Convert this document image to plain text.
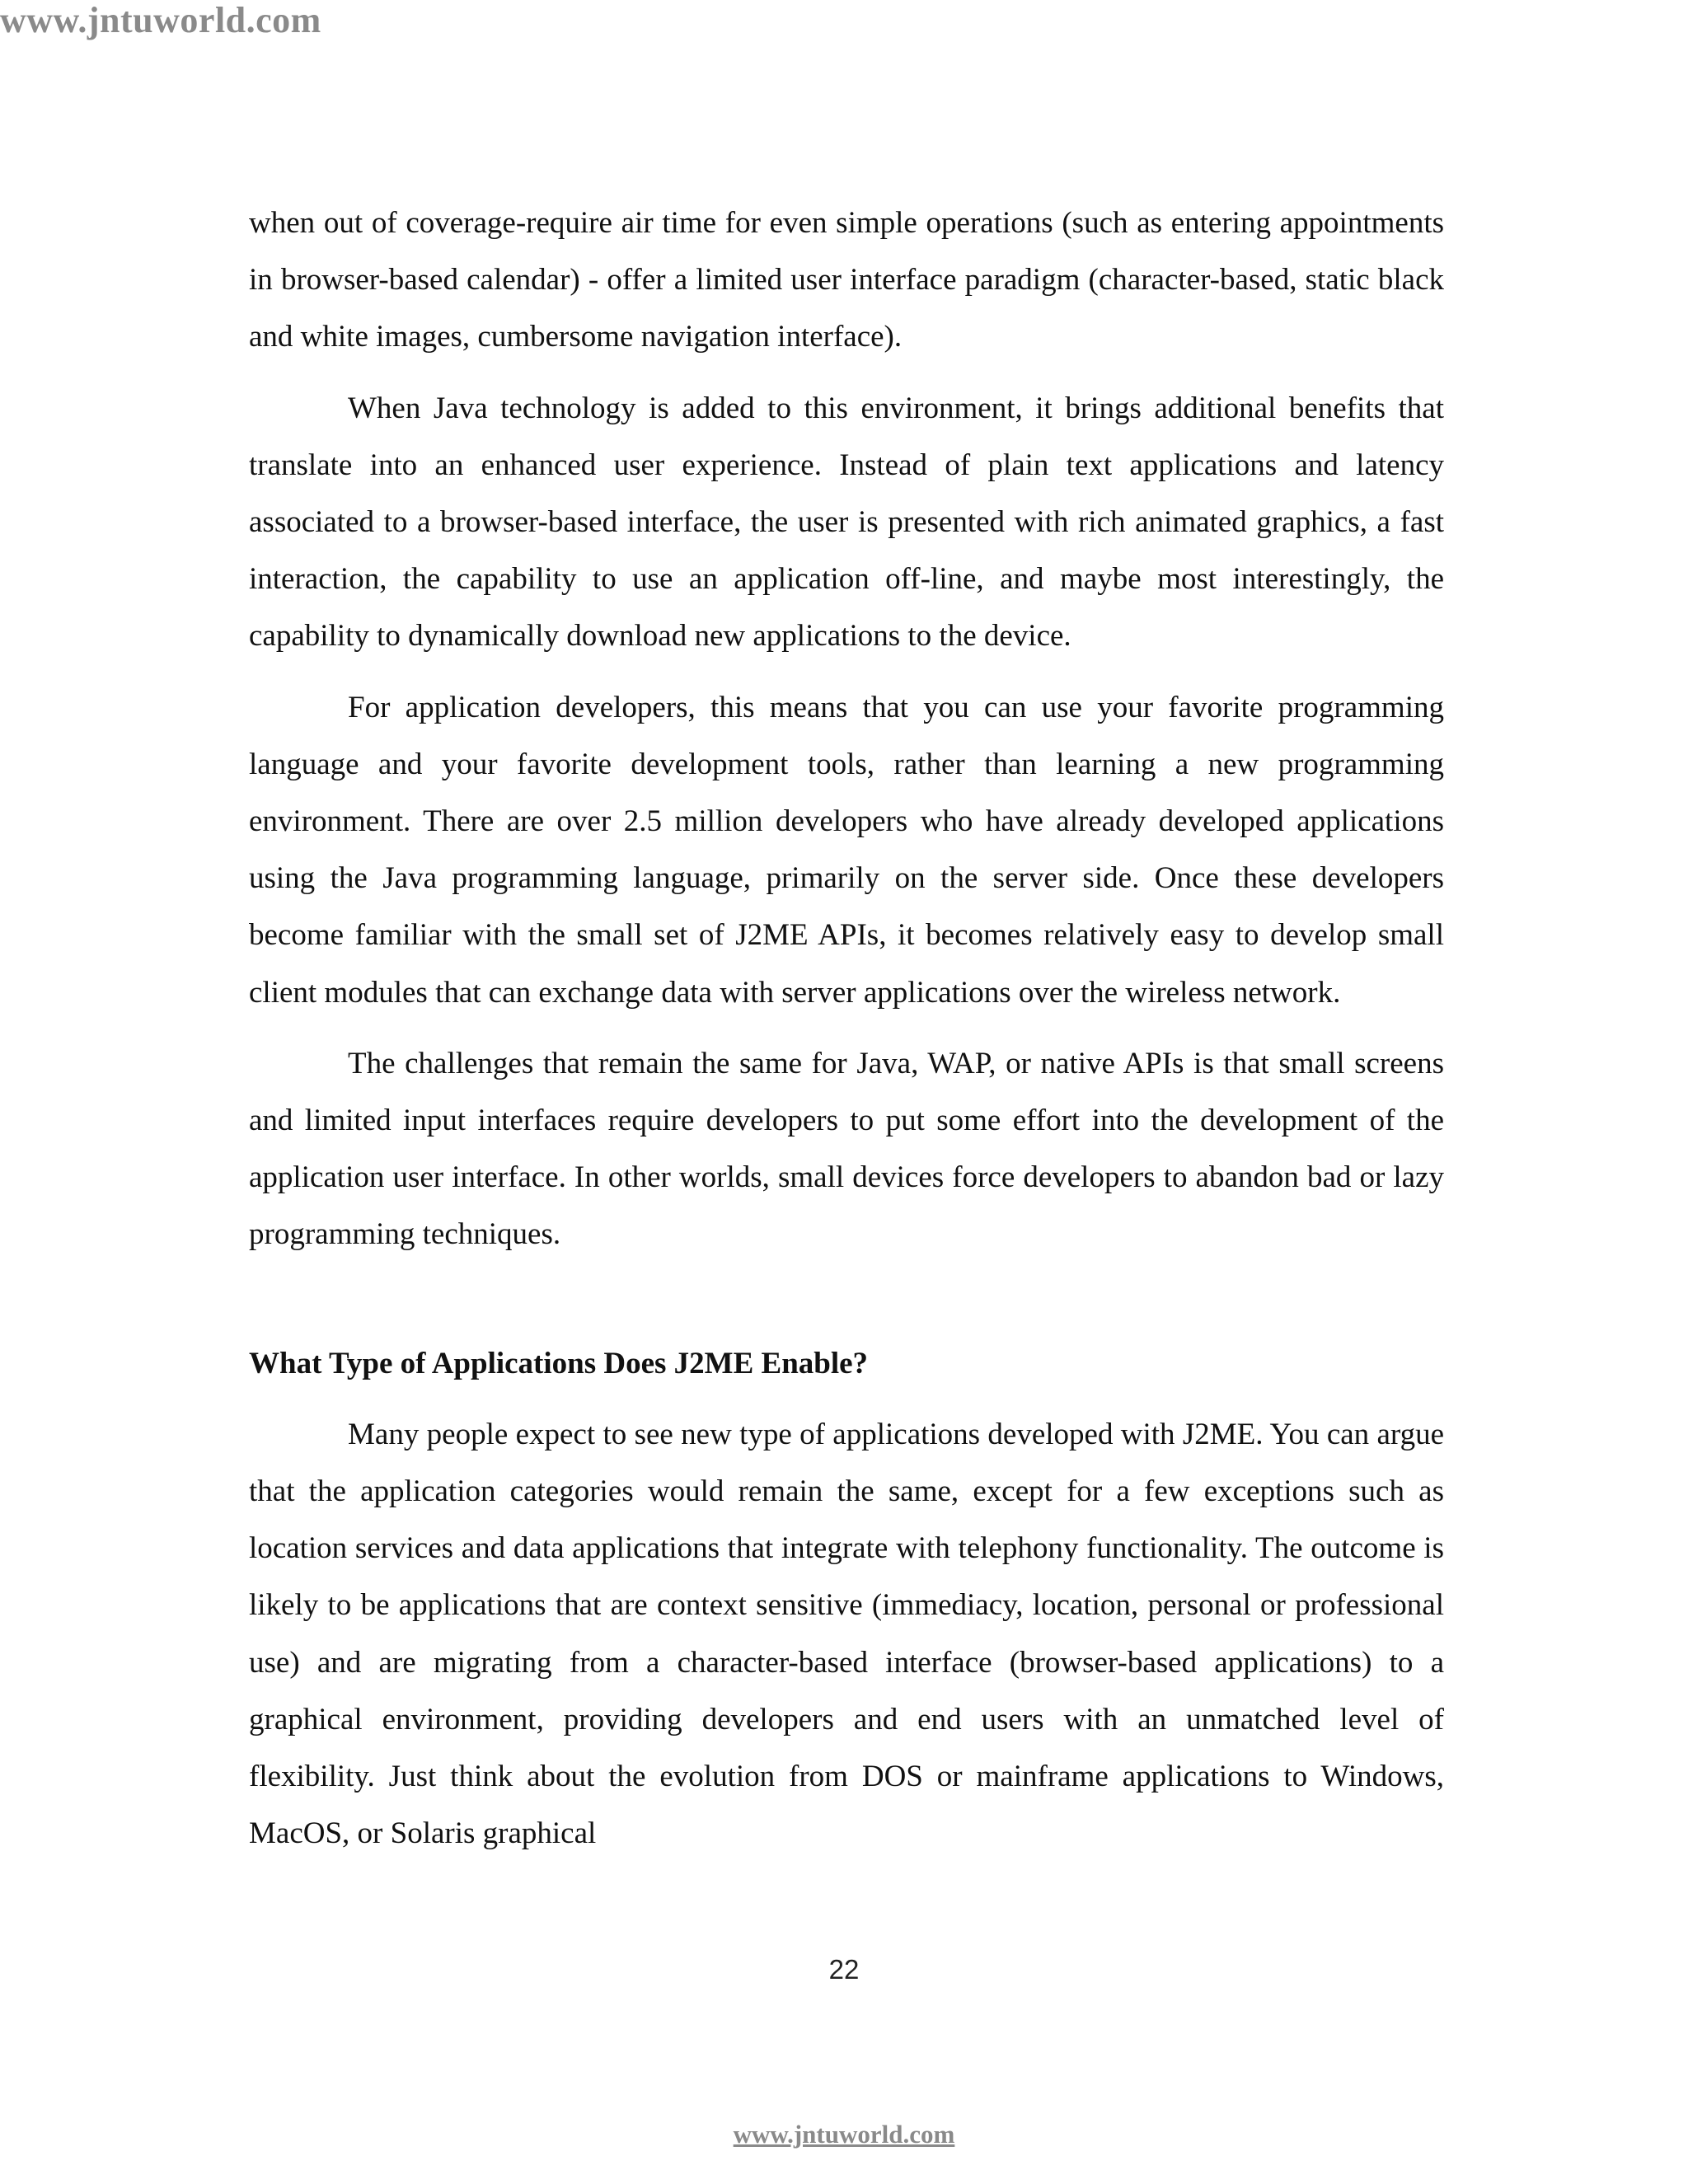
www.jntuworld.com

when out of coverage-require air time for even simple operations (such as entering appointments in browser-based calendar) - offer a limited user interface paradigm (character-based, static black and white images, cumbersome navigation interface).

When Java technology is added to this environment, it brings additional benefits that translate into an enhanced user experience. Instead of plain text applications and latency associated to a browser-based interface, the user is presented with rich animated graphics, a fast interaction, the capability to use an application off-line, and maybe most interestingly, the capability to dynamically download new applications to the device.

For application developers, this means that you can use your favorite programming language and your favorite development tools, rather than learning a new programming environment. There are over 2.5 million developers who have already developed applications using the Java programming language, primarily on the server side. Once these developers become familiar with the small set of J2ME APIs, it becomes relatively easy to develop small client modules that can exchange data with server applications over the wireless network.

The challenges that remain the same for Java, WAP, or native APIs is that small screens and limited input interfaces require developers to put some effort into the development of the application user interface. In other worlds, small devices force developers to abandon bad or lazy programming techniques.

What Type of Applications Does J2ME Enable?

Many people expect to see new type of applications developed with J2ME. You can argue that the application categories would remain the same, except for a few exceptions such as location services and data applications that integrate with telephony functionality. The outcome is likely to be applications that are context sensitive (immediacy, location, personal or professional use) and are migrating from a character-based interface (browser-based applications) to a graphical environment, providing developers and end users with an unmatched level of flexibility. Just think about the evolution from DOS or mainframe applications to Windows, MacOS, or Solaris graphical

22
www.jntuworld.com
